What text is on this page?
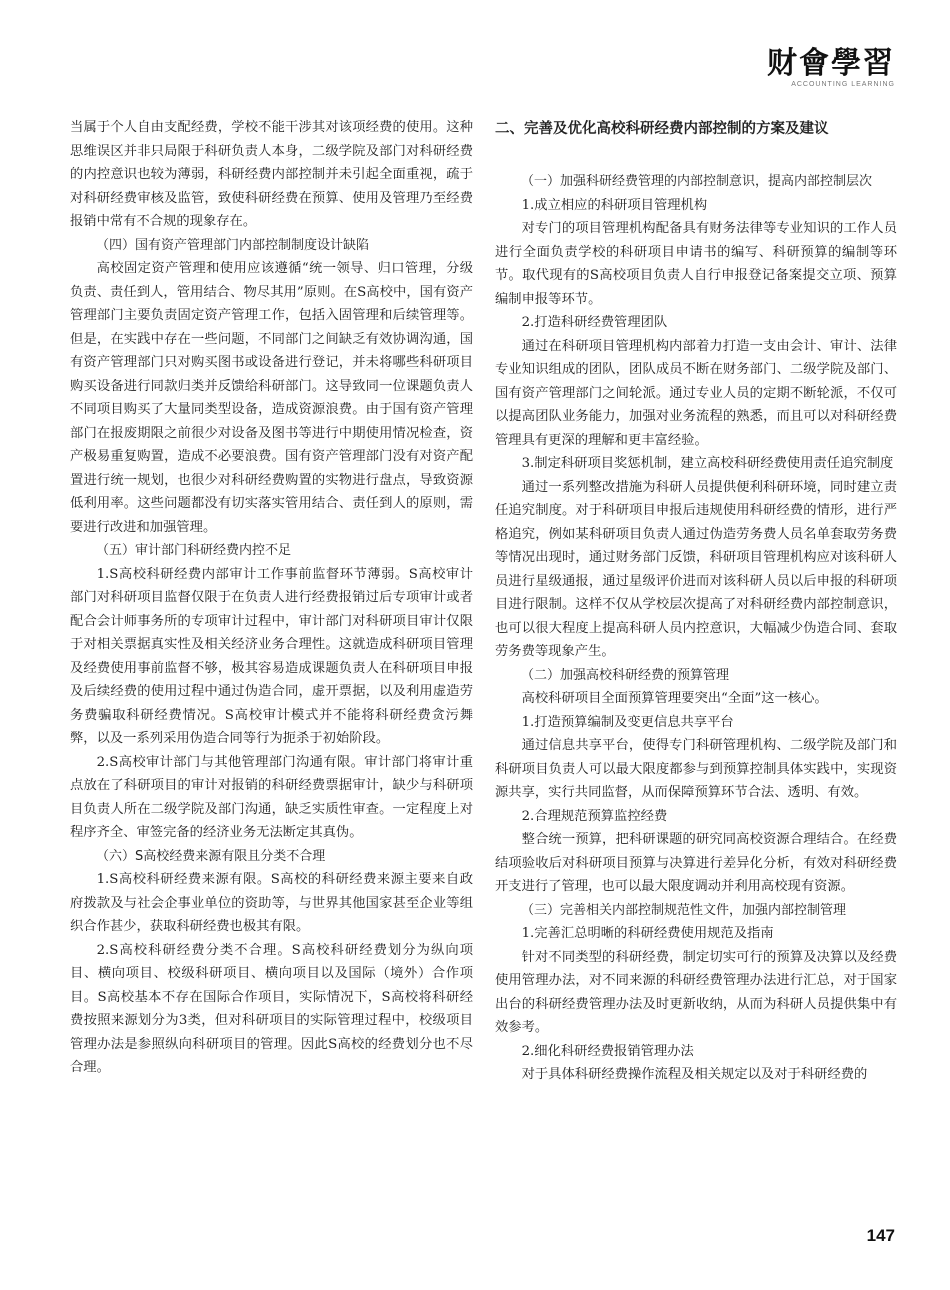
财會學習
ACCOUNTING LEARNING

当属于个人自由支配经费，学校不能干涉其对该项经费的使用。这种思维误区并非只局限于科研负责人本身，二级学院及部门对科研经费的内控意识也较为薄弱，科研经费内部控制并未引起全面重视，疏于对科研经费审核及监管，致使科研经费在预算、使用及管理乃至经费报销中常有不合规的现象存在。

（四）国有资产管理部门内部控制制度设计缺陷

高校固定资产管理和使用应该遵循“统一领导、归口管理，分级负责、责任到人，管用结合、物尽其用”原则。在S高校中，国有资产管理部门主要负责固定资产管理工作，包括入固管理和后续管理等。但是，在实践中存在一些问题，不同部门之间缺乏有效协调沟通，国有资产管理部门只对购买图书或设备进行登记，并未将哪些科研项目购买设备进行同款归类并反馈给科研部门。这导致同一位课题负责人不同项目购买了大量同类型设备，造成资源浪费。由于国有资产管理部门在报废期限之前很少对设备及图书等进行中期使用情况检查，资产极易重复购置，造成不必要浪费。国有资产管理部门没有对资产配置进行统一规划，也很少对科研经费购置的实物进行盘点，导致资源低利用率。这些问题都没有切实落实管用结合、责任到人的原则，需要进行改进和加强管理。

（五）审计部门科研经费内控不足

1.S高校科研经费内部审计工作事前监督环节薄弱。S高校审计部门对科研项目监督仅限于在负责人进行经费报销过后专项审计或者配合会计师事务所的专项审计过程中，审计部门对科研项目审计仅限于对相关票据真实性及相关经济业务合理性。这就造成科研项目管理及经费使用事前监督不够，极其容易造成课题负责人在科研项目申报及后续经费的使用过程中通过伪造合同，虚开票据，以及利用虚造劳务费骗取科研经费情况。S高校审计模式并不能将科研经费贪污舞弊，以及一系列采用伪造合同等行为扼杀于初始阶段。

2.S高校审计部门与其他管理部门沟通有限。审计部门将审计重点放在了科研项目的审计对报销的科研经费票据审计，缺少与科研项目负责人所在二级学院及部门沟通，缺乏实质性审查。一定程度上对程序齐全、审签完备的经济业务无法断定其真伪。

（六）S高校经费来源有限且分类不合理

1.S高校科研经费来源有限。S高校的科研经费来源主要来自政府拨款及与社会企事业单位的资助等，与世界其他国家甚至企业等组织合作甚少，获取科研经费也极其有限。

2.S高校科研经费分类不合理。S高校科研经费划分为纵向项目、横向项目、校级科研项目、横向项目以及国际（境外）合作项目。S高校基本不存在国际合作项目，实际情况下，S高校将科研经费按照来源划分为3类，但对科研项目的实际管理过程中，校级项目管理办法是参照纵向科研项目的管理。因此S高校的经费划分也不尽合理。

二、完善及优化高校科研经费内部控制的方案及建议

（一）加强科研经费管理的内部控制意识，提高内部控制层次

1.成立相应的科研项目管理机构

对专门的项目管理机构配备具有财务法律等专业知识的工作人员进行全面负责学校的科研项目申请书的编写、科研预算的编制等环节。取代现有的S高校项目负责人自行申报登记备案提交立项、预算编制申报等环节。

2.打造科研经费管理团队

通过在科研项目管理机构内部着力打造一支由会计、审计、法律专业知识组成的团队，团队成员不断在财务部门、二级学院及部门、国有资产管理部门之间轮派。通过专业人员的定期不断轮派，不仅可以提高团队业务能力，加强对业务流程的熟悉，而且可以对科研经费管理具有更深的理解和更丰富经验。

3.制定科研项目奖惩机制，建立高校科研经费使用责任追究制度

通过一系列整改措施为科研人员提供便利科研环境，同时建立责任追究制度。对于科研项目申报后违规使用科研经费的情形，进行严格追究，例如某科研项目负责人通过伪造劳务费人员名单套取劳务费等情况出现时，通过财务部门反馈，科研项目管理机构应对该科研人员进行星级通报，通过星级评价进而对该科研人员以后申报的科研项目进行限制。这样不仅从学校层次提高了对科研经费内部控制意识，也可以很大程度上提高科研人员内控意识，大幅减少伪造合同、套取劳务费等现象产生。

（二）加强高校科研经费的预算管理

高校科研项目全面预算管理要突出“全面”这一核心。

1.打造预算编制及变更信息共享平台

通过信息共享平台，使得专门科研管理机构、二级学院及部门和科研项目负责人可以最大限度都参与到预算控制具体实践中，实现资源共享，实行共同监督，从而保障预算环节合法、透明、有效。

2.合理规范预算监控经费

整合统一预算，把科研课题的研究同高校资源合理结合。在经费结项验收后对科研项目预算与决算进行差异化分析，有效对科研经费开支进行了管理，也可以最大限度调动并利用高校现有资源。

（三）完善相关内部控制规范性文件，加强内部控制管理

1.完善汇总明晰的科研经费使用规范及指南

针对不同类型的科研经费，制定切实可行的预算及决算以及经费使用管理办法，对不同来源的科研经费管理办法进行汇总，对于国家出台的科研经费管理办法及时更新收纳，从而为科研人员提供集中有效参考。

2.细化科研经费报销管理办法

对于具体科研经费操作流程及相关规定以及对于科研经费的

147
